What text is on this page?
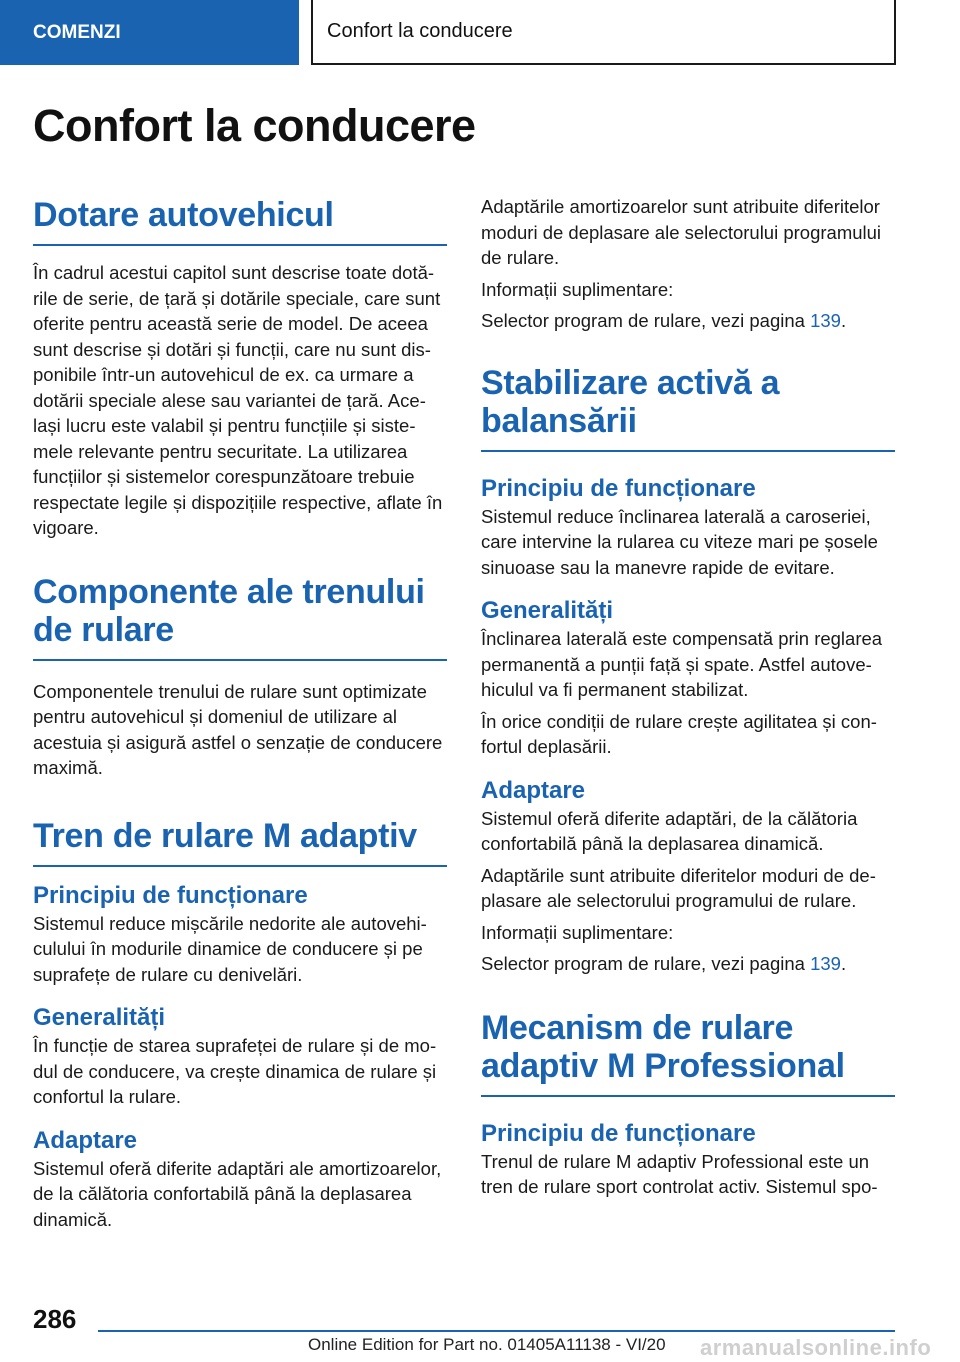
COMENZI	Confort la conducere
Confort la conducere
Dotare autovehicul

În cadrul acestui capitol sunt descrise toate dotările de serie, de țară și dotările speciale, care sunt oferite pentru această serie de model. De aceea sunt descrise și dotări și funcții, care nu sunt disponibile într-un autovehicul de ex. ca urmare a dotării speciale alese sau variantei de țară. Același lucru este valabil și pentru funcțiile și sistemele relevante pentru securitate. La utilizarea funcțiilor și sistemelor corespunzătoare trebuie respectate legile și dispozițiile respective, aflate în vigoare.

Componente ale trenului de rulare

Componentele trenului de rulare sunt optimizate pentru autovehicul și domeniul de utilizare al acestuia și asigură astfel o senzație de conducere maximă.

Tren de rulare M adaptiv
Principiu de funcționare

Sistemul reduce mișcările nedorite ale autovehiculului în modurile dinamice de conducere și pe suprafețe de rulare cu denivelări.

Generalități

În funcție de starea suprafeței de rulare și de modul de conducere, va crește dinamica de rulare și confortul la rulare.

Adaptare

Sistemul oferă diferite adaptări ale amortizoarelor, de la călătoria confortabilă până la deplasarea dinamică.

Adaptările amortizoarelor sunt atribuite diferitelor moduri de deplasare ale selectorului programului de rulare.

Informații suplimentare:

Selector program de rulare, vezi pagina 139.

Stabilizare activă a balansării
Principiu de funcționare

Sistemul reduce înclinarea laterală a caroseriei, care intervine la rularea cu viteze mari pe șosele sinuoase sau la manevre rapide de evitare.

Generalități

Înclinarea laterală este compensată prin reglarea permanentă a punții față și spate. Astfel autovehiculul va fi permanent stabilizat.

În orice condiții de rulare crește agilitatea și confortul deplasării.

Adaptare

Sistemul oferă diferite adaptări, de la călătoria confortabilă până la deplasarea dinamică.

Adaptările sunt atribuite diferitelor moduri de deplasare ale selectorului programului de rulare.

Informații suplimentare:

Selector program de rulare, vezi pagina 139.

Mecanism de rulare adaptiv M Professional
Principiu de funcționare

Trenul de rulare M adaptiv Professional este un tren de rulare sport controlat activ. Sistemul spo-

286
Online Edition for Part no. 01405A11138 - VI/20 armanualsonline.info
